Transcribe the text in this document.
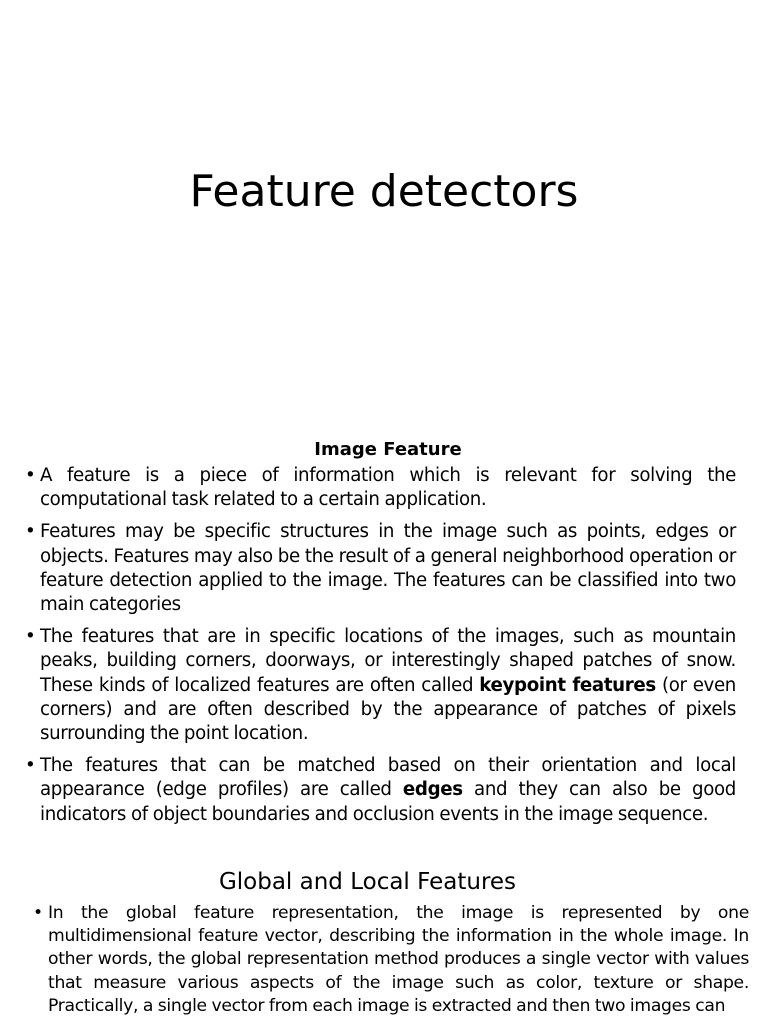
Feature detectors
Image Feature
• A feature is a piece of information which is relevant for solving the computational task related to a certain application.
• Features may be specific structures in the image such as points, edges or objects. Features may also be the result of a general neighborhood operation or feature detection applied to the image. The features can be classified into two main categories
• The features that are in specific locations of the images, such as mountain peaks, building corners, doorways, or interestingly shaped patches of snow. These kinds of localized features are often called keypoint features (or even corners) and are often described by the appearance of patches of pixels surrounding the point location.
• The features that can be matched based on their orientation and local appearance (edge profiles) are called edges and they can also be good indicators of object boundaries and occlusion events in the image sequence.
Global and Local Features
• In the global feature representation, the image is represented by one multidimensional feature vector, describing the information in the whole image. In other words, the global representation method produces a single vector with values that measure various aspects of the image such as color, texture or shape. Practically, a single vector from each image is extracted and then two images can
